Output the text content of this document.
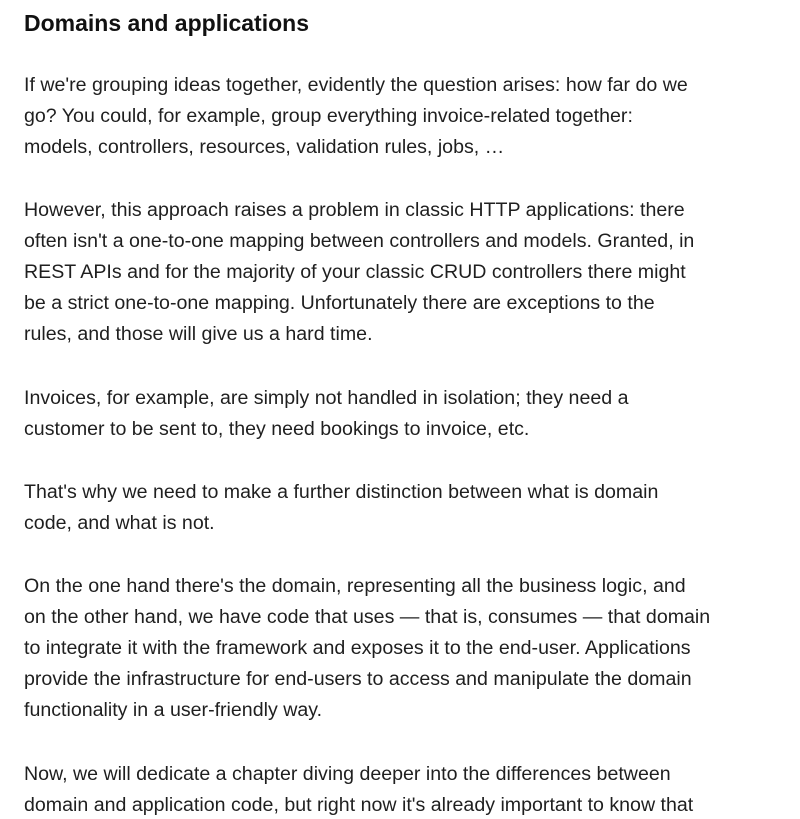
Domains and applications

If we're grouping ideas together, evidently the question arises: how far do we

go? You could, for example, group everything invoice-related together:

models, controllers, resources, validation rules, jobs, …

However, this approach raises a problem in classic HTTP applications: there

often isn't a one-to-one mapping between controllers and models. Granted, in

REST APIs and for the majority of your classic CRUD controllers there might

be a strict one-to-one mapping. Unfortunately there are exceptions to the

rules, and those will give us a hard time.

Invoices, for example, are simply not handled in isolation; they need a

customer to be sent to, they need bookings to invoice, etc.

That's why we need to make a further distinction between what is domain

code, and what is not.

On the one hand there's the domain, representing all the business logic, and

on the other hand, we have code that uses — that is, consumes — that domain

to integrate it with the framework and exposes it to the end-user. Applications

provide the infrastructure for end-users to access and manipulate the domain

functionality in a user-friendly way.

Now, we will dedicate a chapter diving deeper into the differences between

domain and application code, but right now it's already important to know that
